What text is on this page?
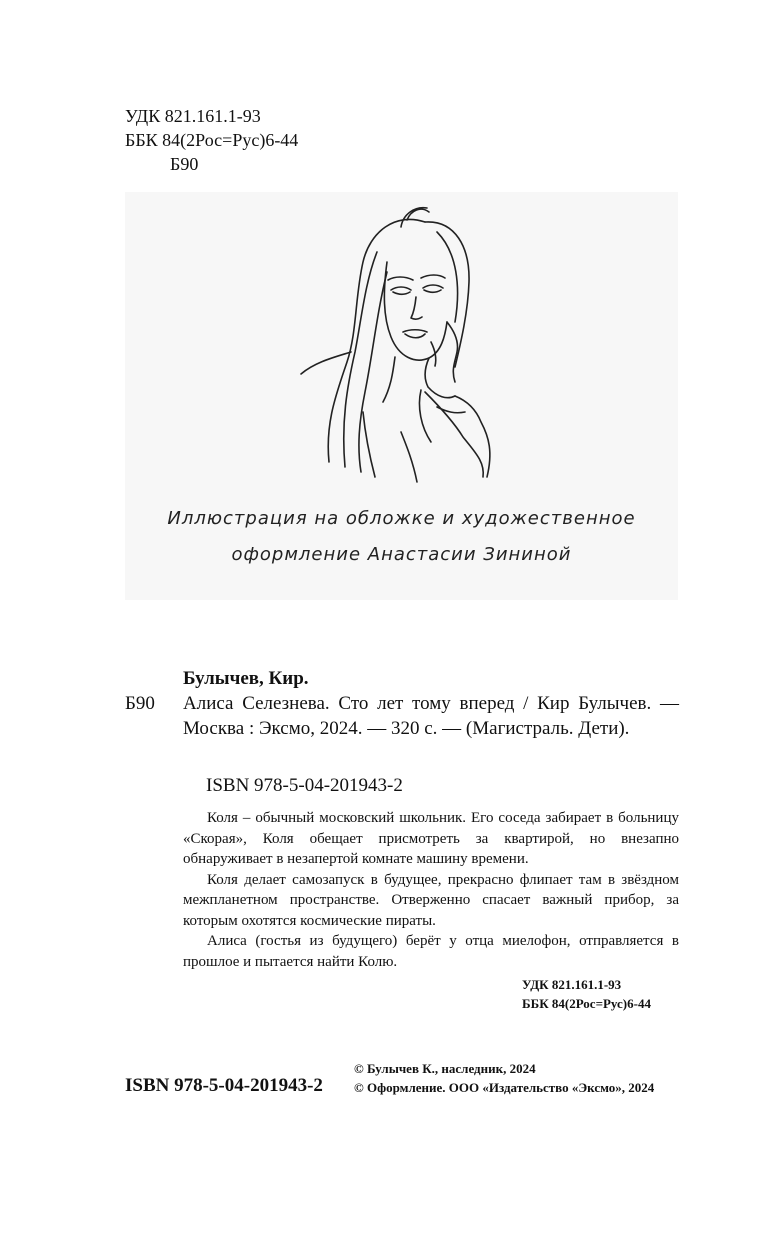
УДК 821.161.1-93
ББК 84(2Рос=Рус)6-44
Б90
Иллюстрация на обложке и художественное
оформление Анастасии Зининой
Булычев, Кир.
Б90 Алиса Селезнева. Сто лет тому вперед / Кир Булычев. — Москва : Эксмо, 2024. — 320 с. — (Магистраль. Дети).
ISBN 978-5-04-201943-2

Коля – обычный московский школьник. Его соседа забирает в больницу «Скорая», Коля обещает присмотреть за квартирой, но внезапно обнаруживает в незапертой комнате машину времени.

Коля делает самозапуск в будущее, прекрасно флипает там в звёздном межпланетном пространстве. Отверженно спасает важный прибор, за которым охотятся космические пираты.

Алиса (гостья из будущего) берёт у отца миелофон, отправляется в прошлое и пытается найти Колю.

УДК 821.161.1-93
ББК 84(2Рос=Рус)6-44
ISBN 978-5-04-201943-2
© Булычев К., наследник, 2024
© Оформление. ООО «Издательство «Эксмо», 2024
